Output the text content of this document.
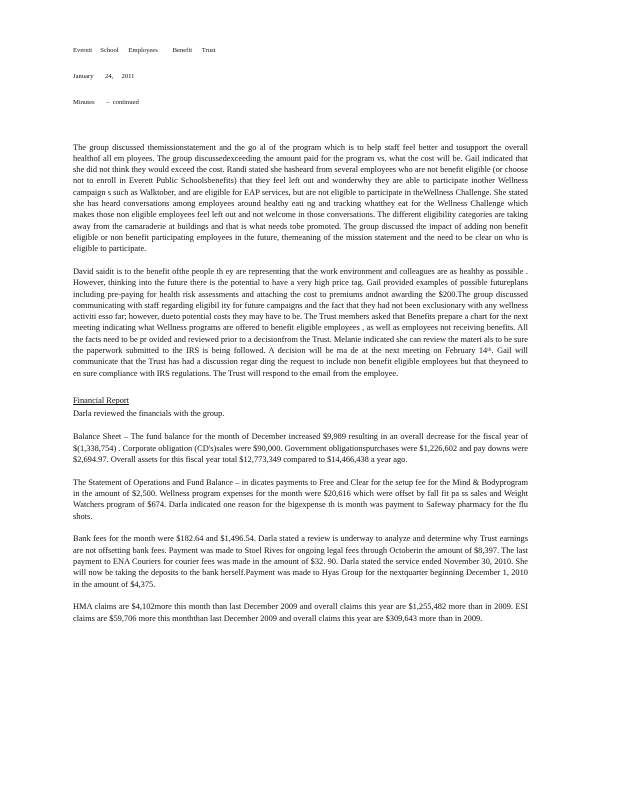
Everett     School      Employees         Benefit      Trust

January       24,     2011

Minutes       –  continued

The group discussed themissionstatement and the go al of the program which is to help staff feel better and tosupport the overall healthof all em ployees. The group discussedexceeding the amount paid for the program vs. what the cost will be. Gail indicated that she did not think they would exceed the cost. Randi stated she hasheard from several employees who are not benefit eligible (or choose not to enroll in Everett Public Schoolsbenefits) that they feel left out and wonderwhy they are able to participate inother Wellness campaign s such as Walktober, and are eligible for EAP services, but are not eligible to participate in theWellness Challenge. She stated she has heard conversations among employees around healthy eati ng and tracking whatthey eat for the Wellness Challenge which makes those non eligible employees feel left out and not welcome in those conversations. The different eligibility categories are taking away from the camaraderie at buildings and that is what needs tobe promoted. The group discussed the impact of adding non benefit eligible or non benefit participating employees in the future, themeaning of the mission statement and the need to be clear on who is eligible to participate.

David saidit is to the benefit ofthe people th ey are representing that the work environment and colleagues are as healthy as possible . However, thinking into the future there is the potential to have a very high price tag. Gail provided examples of possible futureplans including pre-paying for health risk assessments and attaching the cost to premiums andnot awarding the $200.The group discussed communicating with staff regarding eligibil ity for future campaigns and the fact that they had not been exclusionary with any wellness activiti esso far; however, dueto potential costs they may have to be. The Trust members asked that Benefits prepare a chart for the next meeting indicating what Wellness programs are offered to benefit eligible employees , as well as employees not receiving benefits. All the facts need to be pr ovided and reviewed prior to a decisionfrom the Trust. Melanie indicated she can review the materi als to be sure the paperwork submitted to the IRS is being followed. A decision will be ma de at the next meeting on February 14ᵗʰ. Gail will communicate that the Trust has had a discussion regar ding the request to include non benefit eligible employees but that theyneed to en sure compliance with IRS regulations. The Trust will respond to the email from the employee.

Financial Report
Darla reviewed the financials with the group.

Balance Sheet – The fund balance for the month of December increased $9,989 resulting in an overall decrease for the fiscal year of $(1,338,754) . Corporate obligation (CD's)sales were $90,000. Government obligationspurchases were $1,226,602 and pay downs were $2,694.97. Overall assets for this fiscal year total $12,773,349 compared to $14,466,438 a year ago.

The Statement of Operations and Fund Balance – in dicates payments to Free and Clear for the setup fee for the Mind & Bodyprogram in the amount of $2,500. Wellness program expenses for the month were $20,616 which were offset by fall fit pa ss sales and Weight Watchers program of $674. Darla indicated one reason for the bigexpense th is month was payment to Safeway pharmacy for the flu shots.

Bank fees for the month were $182.64 and $1,496.54. Darla stated a review is underway to analyze and determine why Trust earnings are not offsetting bank fees. Payment was made to Stoel Rives for ongoing legal fees through Octoberin the amount of $8,397. The last payment to ENA Couriers for courier fees was made in the amount of $32. 90. Darla stated the service ended November 30, 2010. She will now be taking the deposits to the bank herself.Payment was made to Hyas Group for the nextquarter beginning December 1, 2010 in the amount of $4,375.

HMA claims are $4,102more this month than last December 2009 and overall claims this year are $1,255,482 more than in 2009. ESI claims are $59,706 more this monththan last December 2009 and overall claims this year are $309,643 more than in 2009.
